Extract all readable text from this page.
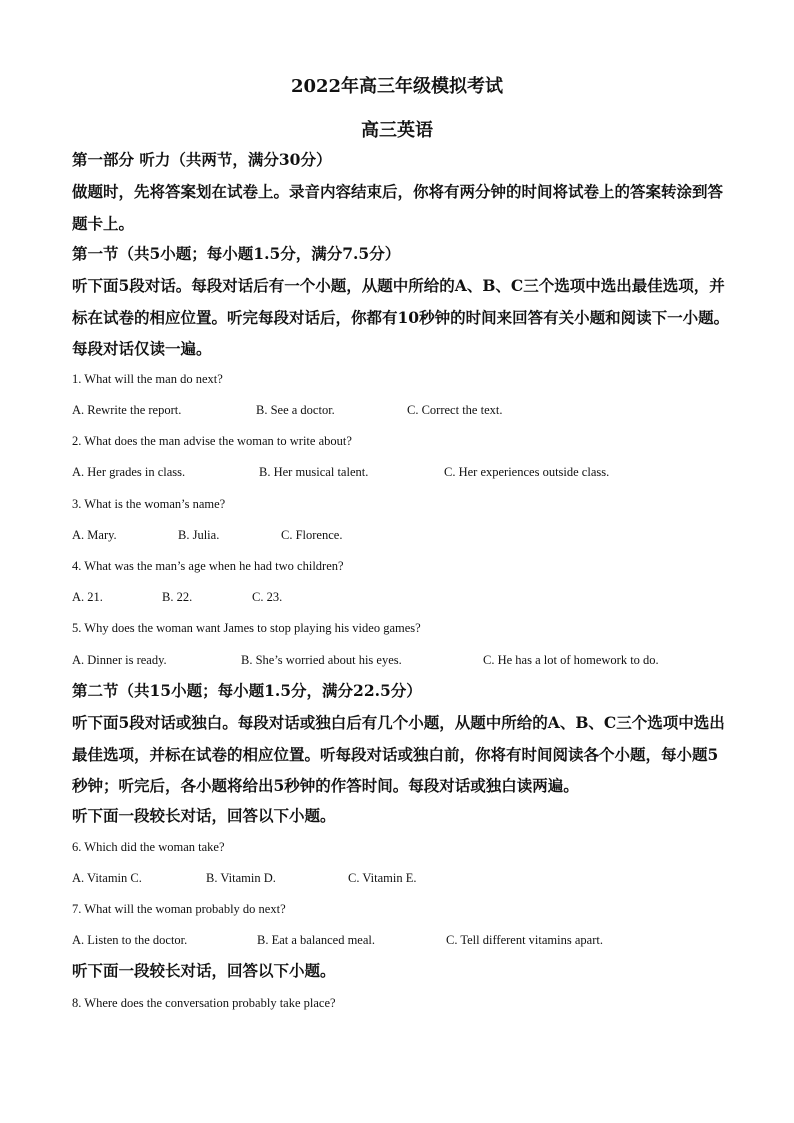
2022年高三年级模拟考试
高三英语
第一部分 听力（共两节，满分30分）
做题时，先将答案划在试卷上。录音内容结束后，你将有两分钟的时间将试卷上的答案转涂到答题卡上。
第一节（共5小题；每小题1.5分，满分7.5分）
听下面5段对话。每段对话后有一个小题，从题中所给的A、B、C三个选项中选出最佳选项，并标在试卷的相应位置。听完每段对话后，你都有10秒钟的时间来回答有关小题和阅读下一小题。每段对话仅读一遍。
1. What will the man do next?
A. Rewrite the report.	B. See a doctor.	C. Correct the text.
2. What does the man advise the woman to write about?
A. Her grades in class.	B. Her musical talent.	C. Her experiences outside class.
3. What is the woman’s name?
A. Mary.	B. Julia.	C. Florence.
4. What was the man’s age when he had two children?
A. 21.	B. 22.	C. 23.
5. Why does the woman want James to stop playing his video games?
A. Dinner is ready.	B. She’s worried about his eyes.	C. He has a lot of homework to do.
第二节（共15小题；每小题1.5分，满分22.5分）
听下面5段对话或独白。每段对话或独白后有几个小题，从题中所给的A、B、C三个选项中选出最佳选项，并标在试卷的相应位置。听每段对话或独白前，你将有时间阅读各个小题，每小题5秒钟；听完后，各小题将给出5秒钟的作答时间。每段对话或独白读两遍。
听下面一段较长对话，回答以下小题。
6. Which did the woman take?
A. Vitamin C.	B. Vitamin D.	C. Vitamin E.
7. What will the woman probably do next?
A. Listen to the doctor.	B. Eat a balanced meal.	C. Tell different vitamins apart.
听下面一段较长对话，回答以下小题。
8. Where does the conversation probably take place?
